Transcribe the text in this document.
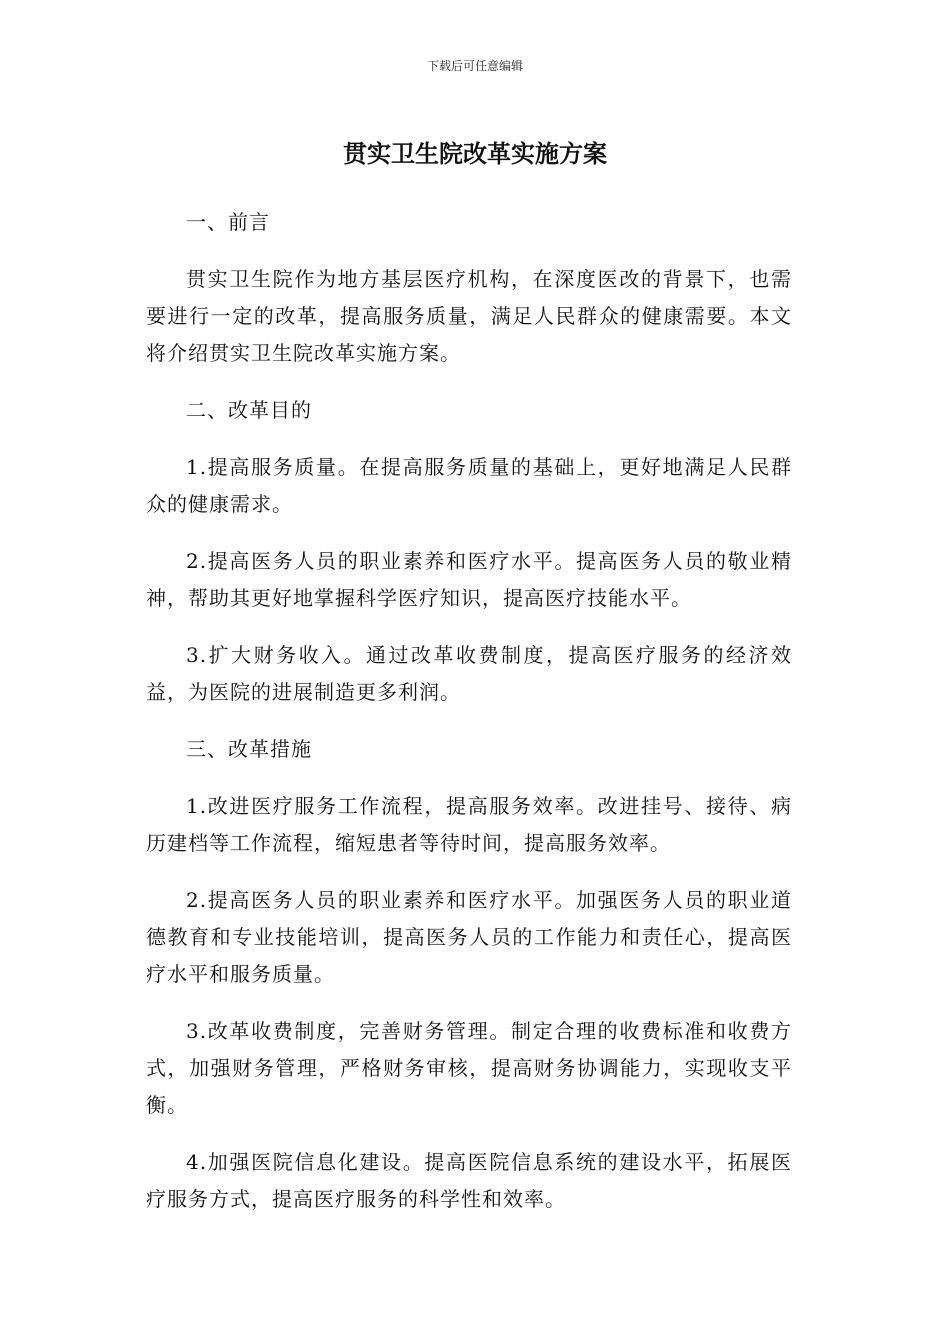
下载后可任意编辑
贯实卫生院改革实施方案

一、前言

贯实卫生院作为地方基层医疗机构，在深度医改的背景下，也需要进行一定的改革，提高服务质量，满足人民群众的健康需要。本文将介绍贯实卫生院改革实施方案。

二、改革目的

1.提高服务质量。在提高服务质量的基础上，更好地满足人民群众的健康需求。

2.提高医务人员的职业素养和医疗水平。提高医务人员的敬业精神，帮助其更好地掌握科学医疗知识，提高医疗技能水平。

3.扩大财务收入。通过改革收费制度，提高医疗服务的经济效益，为医院的进展制造更多利润。

三、改革措施

1.改进医疗服务工作流程，提高服务效率。改进挂号、接待、病历建档等工作流程，缩短患者等待时间，提高服务效率。

2.提高医务人员的职业素养和医疗水平。加强医务人员的职业道德教育和专业技能培训，提高医务人员的工作能力和责任心，提高医疗水平和服务质量。

3.改革收费制度，完善财务管理。制定合理的收费标准和收费方式，加强财务管理，严格财务审核，提高财务协调能力，实现收支平衡。

4.加强医院信息化建设。提高医院信息系统的建设水平，拓展医疗服务方式，提高医疗服务的科学性和效率。
